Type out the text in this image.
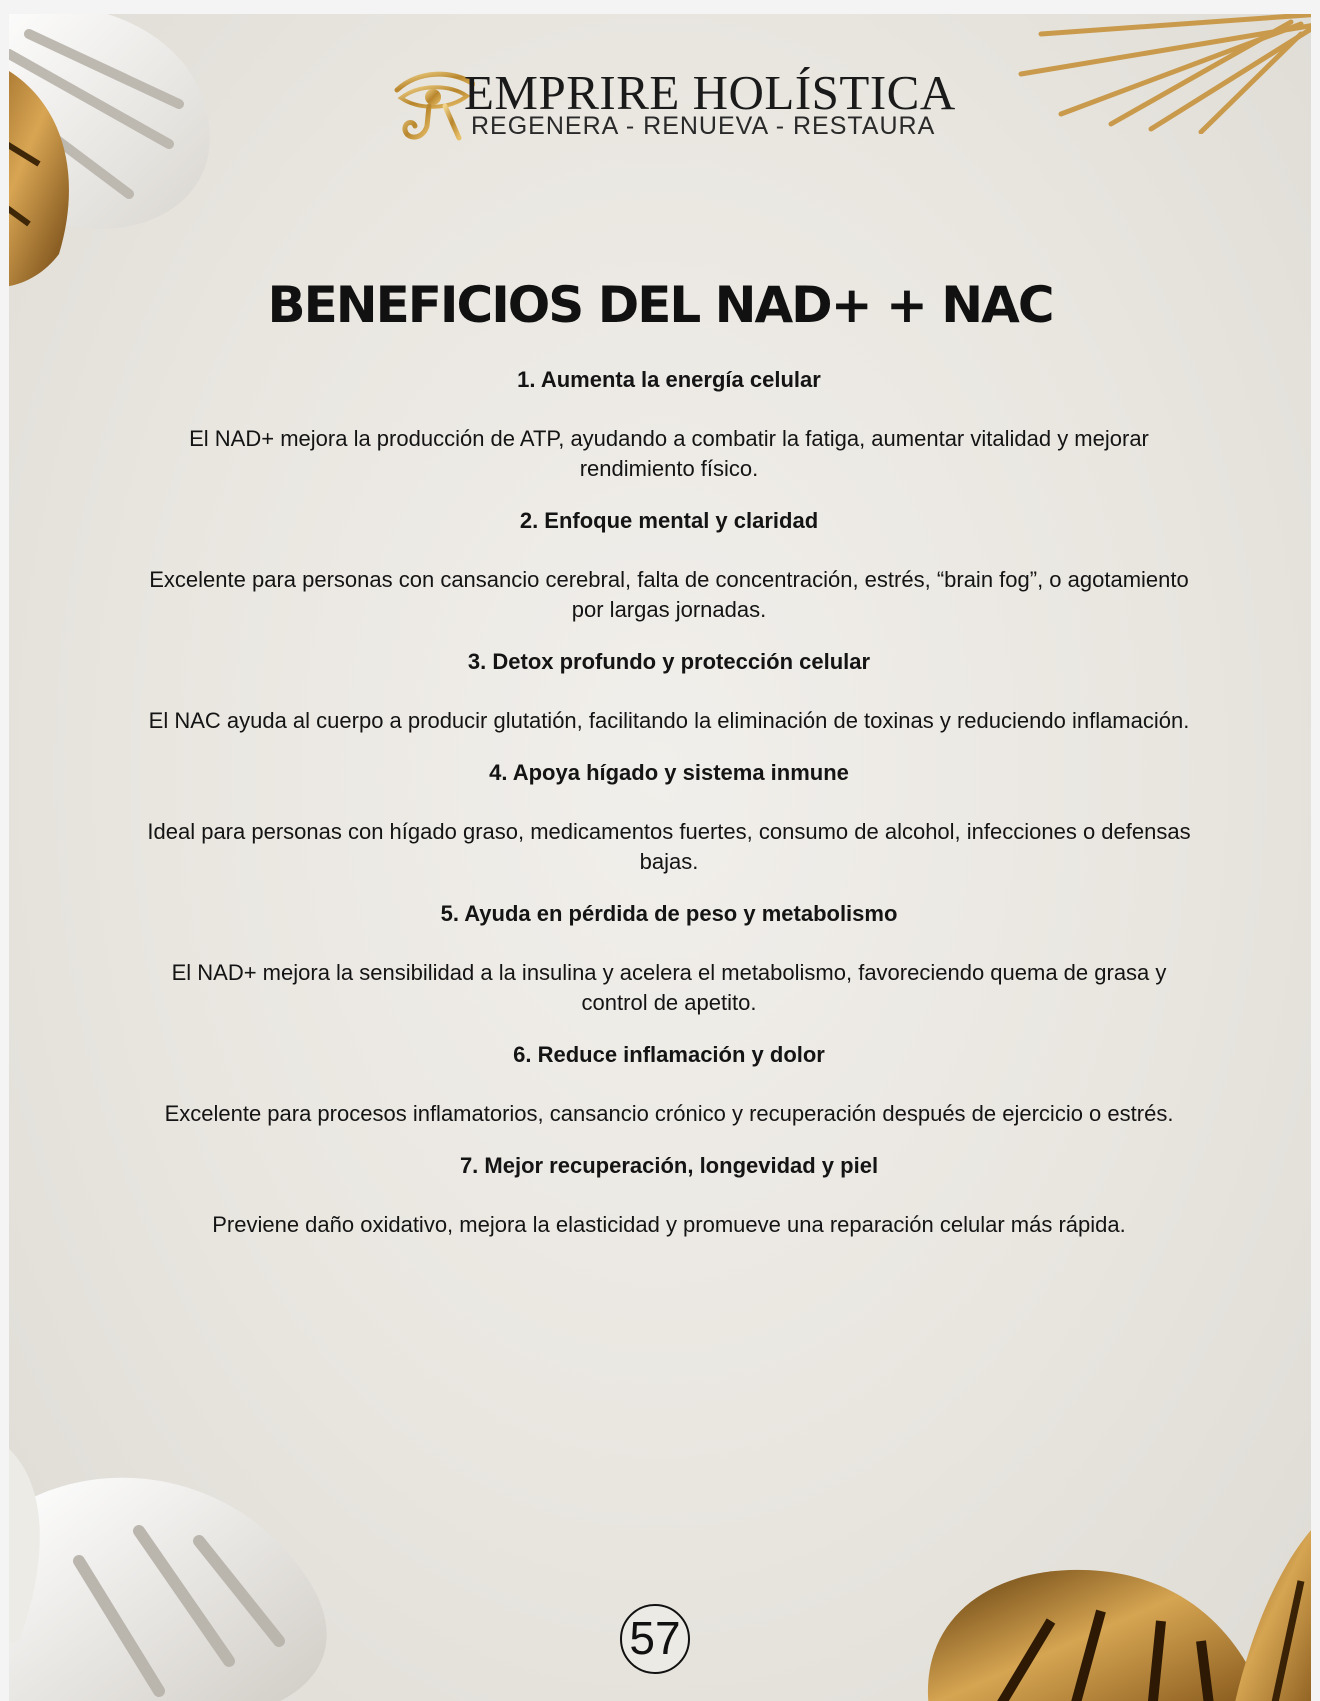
EMPRIRE HOLÍSTICA
REGENERA - RENUEVA - RESTAURA
BENEFICIOS DEL NAD+ + NAC
1. Aumenta la energía celular
El NAD+ mejora la producción de ATP, ayudando a combatir la fatiga, aumentar vitalidad y mejorar rendimiento físico.
2. Enfoque mental y claridad
Excelente para personas con cansancio cerebral, falta de concentración, estrés, “brain fog”, o agotamiento por largas jornadas.
3. Detox profundo y protección celular
El NAC ayuda al cuerpo a producir glutatión, facilitando la eliminación de toxinas y reduciendo inflamación.
4. Apoya hígado y sistema inmune
Ideal para personas con hígado graso, medicamentos fuertes, consumo de alcohol, infecciones o defensas bajas.
5. Ayuda en pérdida de peso y metabolismo
El NAD+ mejora la sensibilidad a la insulina y acelera el metabolismo, favoreciendo quema de grasa y control de apetito.
6. Reduce inflamación y dolor
Excelente para procesos inflamatorios, cansancio crónico y recuperación después de ejercicio o estrés.
7. Mejor recuperación, longevidad y piel
Previene daño oxidativo, mejora la elasticidad y promueve una reparación celular más rápida.
57
